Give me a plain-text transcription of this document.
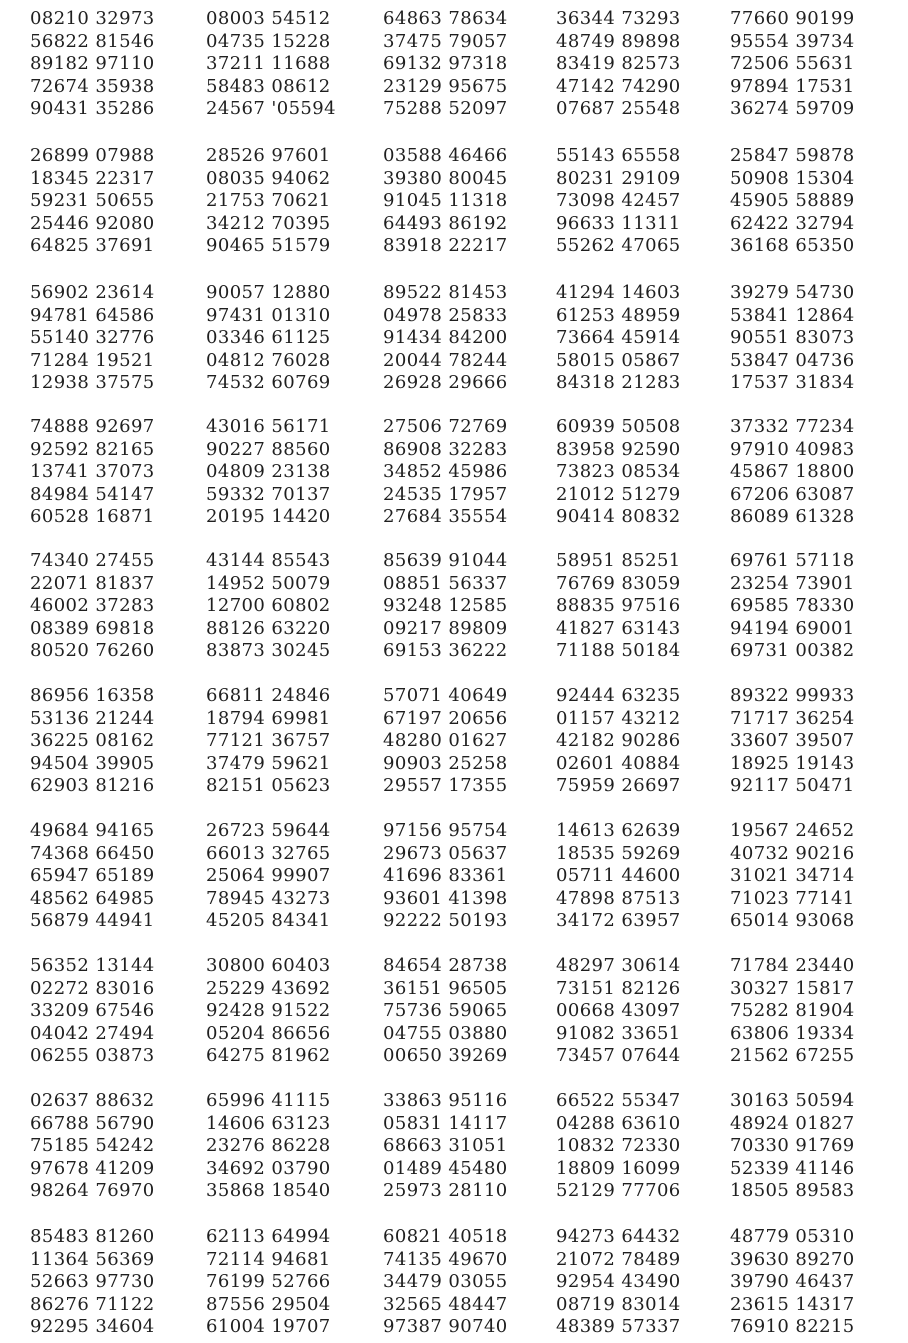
08210 32973	08003 54512	64863 78634	36344 73293	77660 90199
56822 81546	04735 15228	37475 79057	48749 89898	95554 39734
89182 97110	37211 11688	69132 97318	83419 82573	72506 55631
72674 35938	58483 08612	23129 95675	47142 74290	97894 17531
90431 35286	24567 '05594	75288 52097	07687 25548	36274 59709
26899 07988	28526 97601	03588 46466	55143 65558	25847 59878
18345 22317	08035 94062	39380 80045	80231 29109	50908 15304
59231 50655	21753 70621	91045 11318	73098 42457	45905 58889
25446 92080	34212 70395	64493 86192	96633 11311	62422 32794
64825 37691	90465 51579	83918 22217	55262 47065	36168 65350
56902 23614	90057 12880	89522 81453	41294 14603	39279 54730
94781 64586	97431 01310	04978 25833	61253 48959	53841 12864
55140 32776	03346 61125	91434 84200	73664 45914	90551 83073
71284 19521	04812 76028	20044 78244	58015 05867	53847 04736
12938 37575	74532 60769	26928 29666	84318 21283	17537 31834
74888 92697	43016 56171	27506 72769	60939 50508	37332 77234
92592 82165	90227 88560	86908 32283	83958 92590	97910 40983
13741 37073	04809 23138	34852 45986	73823 08534	45867 18800
84984 54147	59332 70137	24535 17957	21012 51279	67206 63087
60528 16871	20195 14420	27684 35554	90414 80832	86089 61328
74340 27455	43144 85543	85639 91044	58951 85251	69761 57118
22071 81837	14952 50079	08851 56337	76769 83059	23254 73901
46002 37283	12700 60802	93248 12585	88835 97516	69585 78330
08389 69818	88126 63220	09217 89809	41827 63143	94194 69001
80520 76260	83873 30245	69153 36222	71188 50184	69731 00382
86956 16358	66811 24846	57071 40649	92444 63235	89322 99933
53136 21244	18794 69981	67197 20656	01157 43212	71717 36254
36225 08162	77121 36757	48280 01627	42182 90286	33607 39507
94504 39905	37479 59621	90903 25258	02601 40884	18925 19143
62903 81216	82151 05623	29557 17355	75959 26697	92117 50471
49684 94165	26723 59644	97156 95754	14613 62639	19567 24652
74368 66450	66013 32765	29673 05637	18535 59269	40732 90216
65947 65189	25064 99907	41696 83361	05711 44600	31021 34714
48562 64985	78945 43273	93601 41398	47898 87513	71023 77141
56879 44941	45205 84341	92222 50193	34172 63957	65014 93068
56352 13144	30800 60403	84654 28738	48297 30614	71784 23440
02272 83016	25229 43692	36151 96505	73151 82126	30327 15817
33209 67546	92428 91522	75736 59065	00668 43097	75282 81904
04042 27494	05204 86656	04755 03880	91082 33651	63806 19334
06255 03873	64275 81962	00650 39269	73457 07644	21562 67255
02637 88632	65996 41115	33863 95116	66522 55347	30163 50594
66788 56790	14606 63123	05831 14117	04288 63610	48924 01827
75185 54242	23276 86228	68663 31051	10832 72330	70330 91769
97678 41209	34692 03790	01489 45480	18809 16099	52339 41146
98264 76970	35868 18540	25973 28110	52129 77706	18505 89583
85483 81260	62113 64994	60821 40518	94273 64432	48779 05310
11364 56369	72114 94681	74135 49670	21072 78489	39630 89270
52663 97730	76199 52766	34479 03055	92954 43490	39790 46437
86276 71122	87556 29504	32565 48447	08719 83014	23615 14317
92295 34604	61004 19707	97387 90740	48389 57337	76910 82215
